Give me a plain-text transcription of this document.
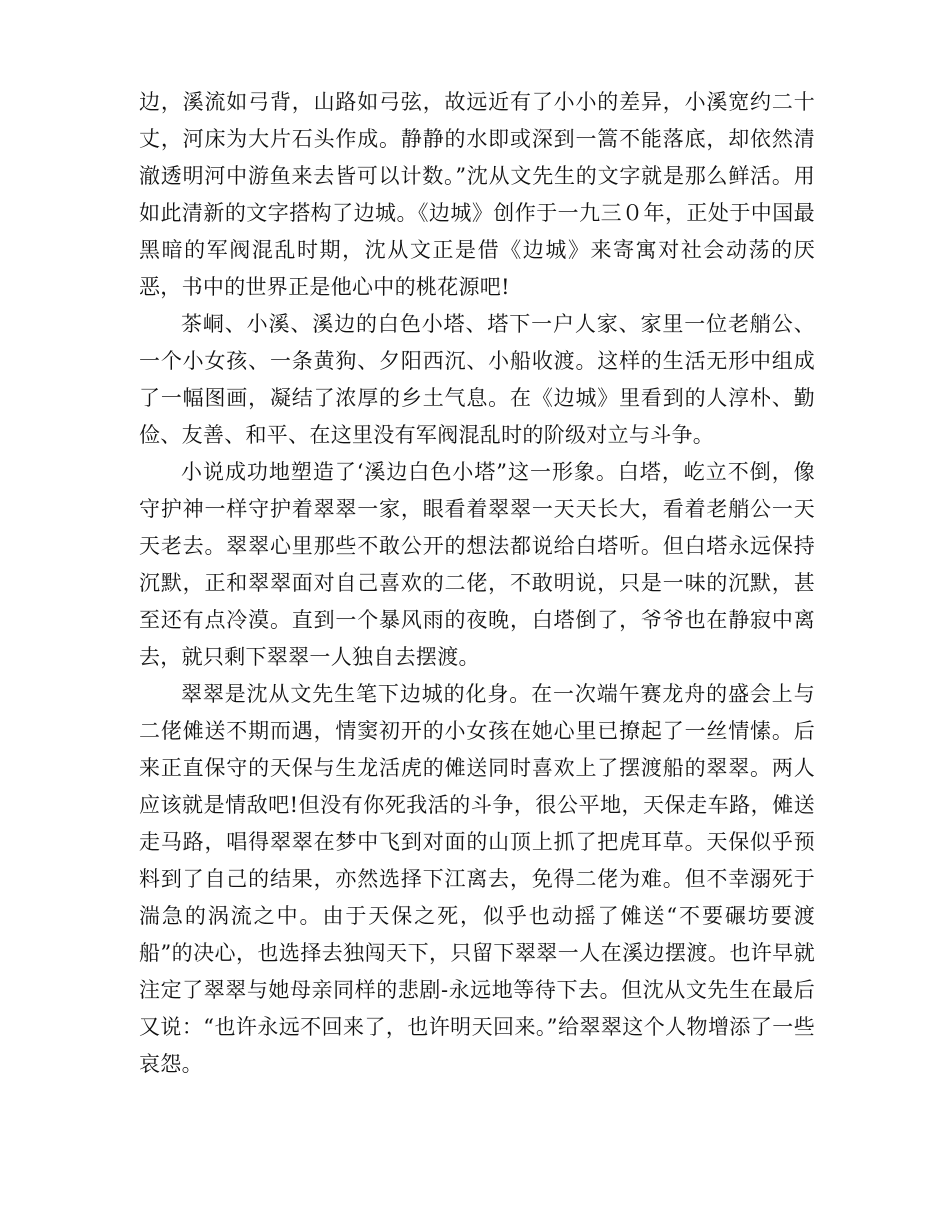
边，溪流如弓背，山路如弓弦，故远近有了小小的差异，小溪宽约二十丈，河床为大片石头作成。静静的水即或深到一篙不能落底，却依然清澈透明河中游鱼来去皆可以计数。”沈从文先生的文字就是那么鲜活。用如此清新的文字搭构了边城。《边城》创作于一九三０年，正处于中国最黑暗的军阀混乱时期，沈从文正是借《边城》来寄寓对社会动荡的厌恶，书中的世界正是他心中的桃花源吧!

茶峒、小溪、溪边的白色小塔、塔下一户人家、家里一位老艄公、一个小女孩、一条黄狗、夕阳西沉、小船收渡。这样的生活无形中组成了一幅图画，凝结了浓厚的乡土气息。在《边城》里看到的人淳朴、勤俭、友善、和平、在这里没有军阀混乱时的阶级对立与斗争。

小说成功地塑造了‘溪边白色小塔”这一形象。白塔，屹立不倒，像守护神一样守护着翠翠一家，眼看着翠翠一天天长大，看着老艄公一天天老去。翠翠心里那些不敢公开的想法都说给白塔听。但白塔永远保持沉默，正和翠翠面对自己喜欢的二佬，不敢明说，只是一味的沉默，甚至还有点冷漠。直到一个暴风雨的夜晚，白塔倒了，爷爷也在静寂中离去，就只剩下翠翠一人独自去摆渡。

翠翠是沈从文先生笔下边城的化身。在一次端午赛龙舟的盛会上与二佬傩送不期而遇，情窦初开的小女孩在她心里已撩起了一丝情愫。后来正直保守的天保与生龙活虎的傩送同时喜欢上了摆渡船的翠翠。两人应该就是情敌吧!但没有你死我活的斗争，很公平地，天保走车路，傩送走马路，唱得翠翠在梦中飞到对面的山顶上抓了把虎耳草。天保似乎预料到了自己的结果，亦然选择下江离去，免得二佬为难。但不幸溺死于湍急的涡流之中。由于天保之死，似乎也动摇了傩送“不要碾坊要渡船”的决心，也选择去独闯天下，只留下翠翠一人在溪边摆渡。也许早就注定了翠翠与她母亲同样的悲剧-永远地等待下去。但沈从文先生在最后又说：“也许永远不回来了，也许明天回来。”给翠翠这个人物增添了一些哀怨。
